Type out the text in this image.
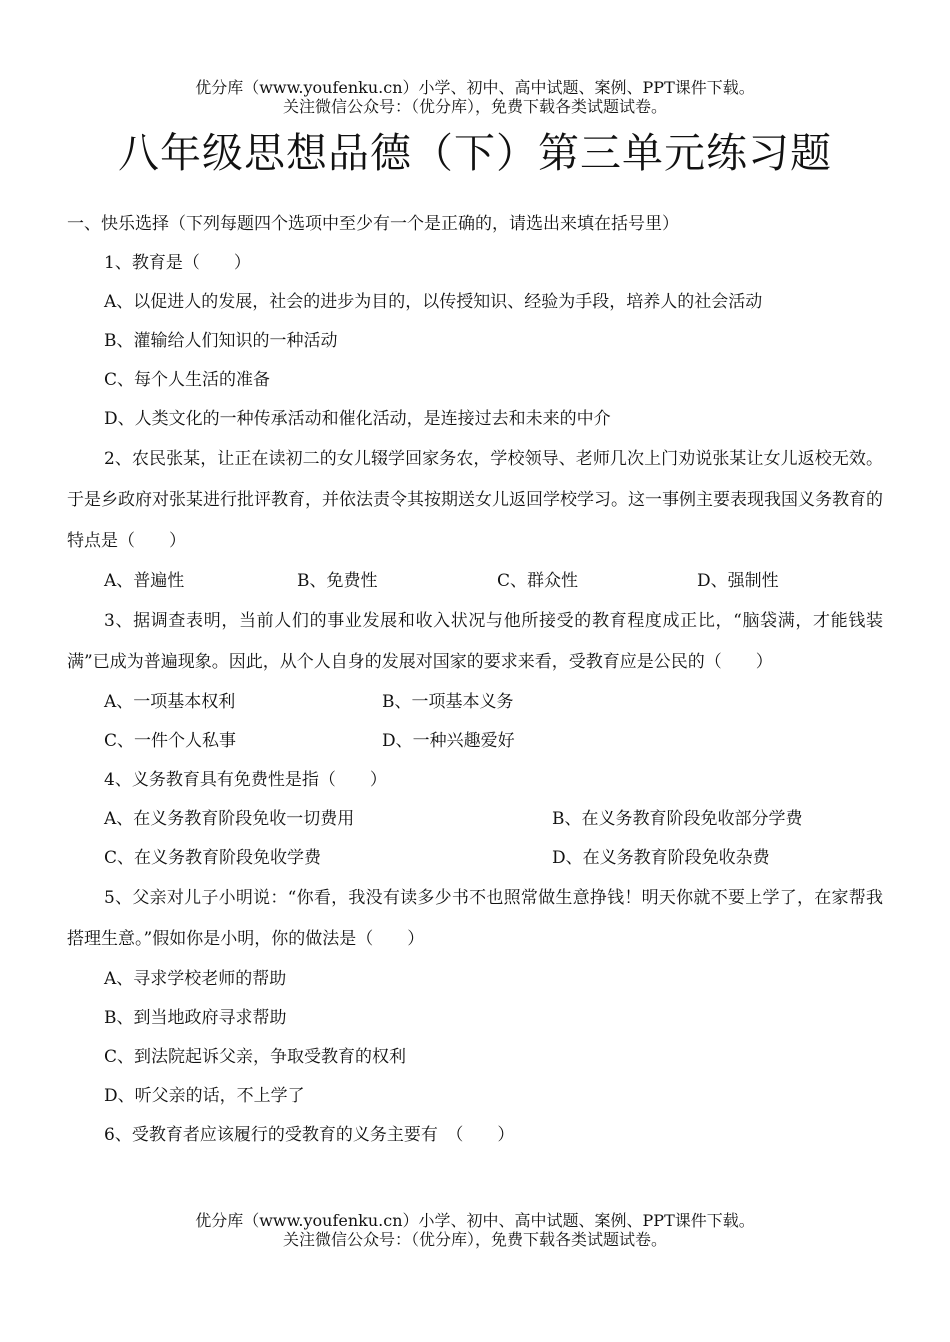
优分库（www.youfenku.cn）小学、初中、高中试题、案例、PPT课件下载。
关注微信公众号：（优分库），免费下载各类试题试卷。
八年级思想品德（下）第三单元练习题
一、快乐选择（下列每题四个选项中至少有一个是正确的，请选出来填在括号里）
1、教育是（　　）
A、以促进人的发展，社会的进步为目的，以传授知识、经验为手段，培养人的社会活动
B、灌输给人们知识的一种活动
C、每个人生活的准备
D、人类文化的一种传承活动和催化活动，是连接过去和未来的中介
2、农民张某，让正在读初二的女儿辍学回家务农，学校领导、老师几次上门劝说张某让女儿返校无效。于是乡政府对张某进行批评教育，并依法责令其按期送女儿返回学校学习。这一事例主要表现我国义务教育的特点是（　　）
A、普遍性	B、免费性	C、群众性	D、强制性
3、据调查表明，当前人们的事业发展和收入状况与他所接受的教育程度成正比，“脑袋满，才能钱装满”已成为普遍现象。因此，从个人自身的发展对国家的要求来看，受教育应是公民的（　　）
A、一项基本权利	B、一项基本义务
C、一件个人私事	D、一种兴趣爱好
4、义务教育具有免费性是指（　　）
A、在义务教育阶段免收一切费用	B、在义务教育阶段免收部分学费
C、在义务教育阶段免收学费	D、在义务教育阶段免收杂费
5、父亲对儿子小明说：“你看，我没有读多少书不也照常做生意挣钱！明天你就不要上学了，在家帮我搭理生意。”假如你是小明，你的做法是（　　）
A、寻求学校老师的帮助
B、到当地政府寻求帮助
C、到法院起诉父亲，争取受教育的权利
D、听父亲的话，不上学了
6、受教育者应该履行的受教育的义务主要有　（　　）
优分库（www.youfenku.cn）小学、初中、高中试题、案例、PPT课件下载。
关注微信公众号：（优分库），免费下载各类试题试卷。
